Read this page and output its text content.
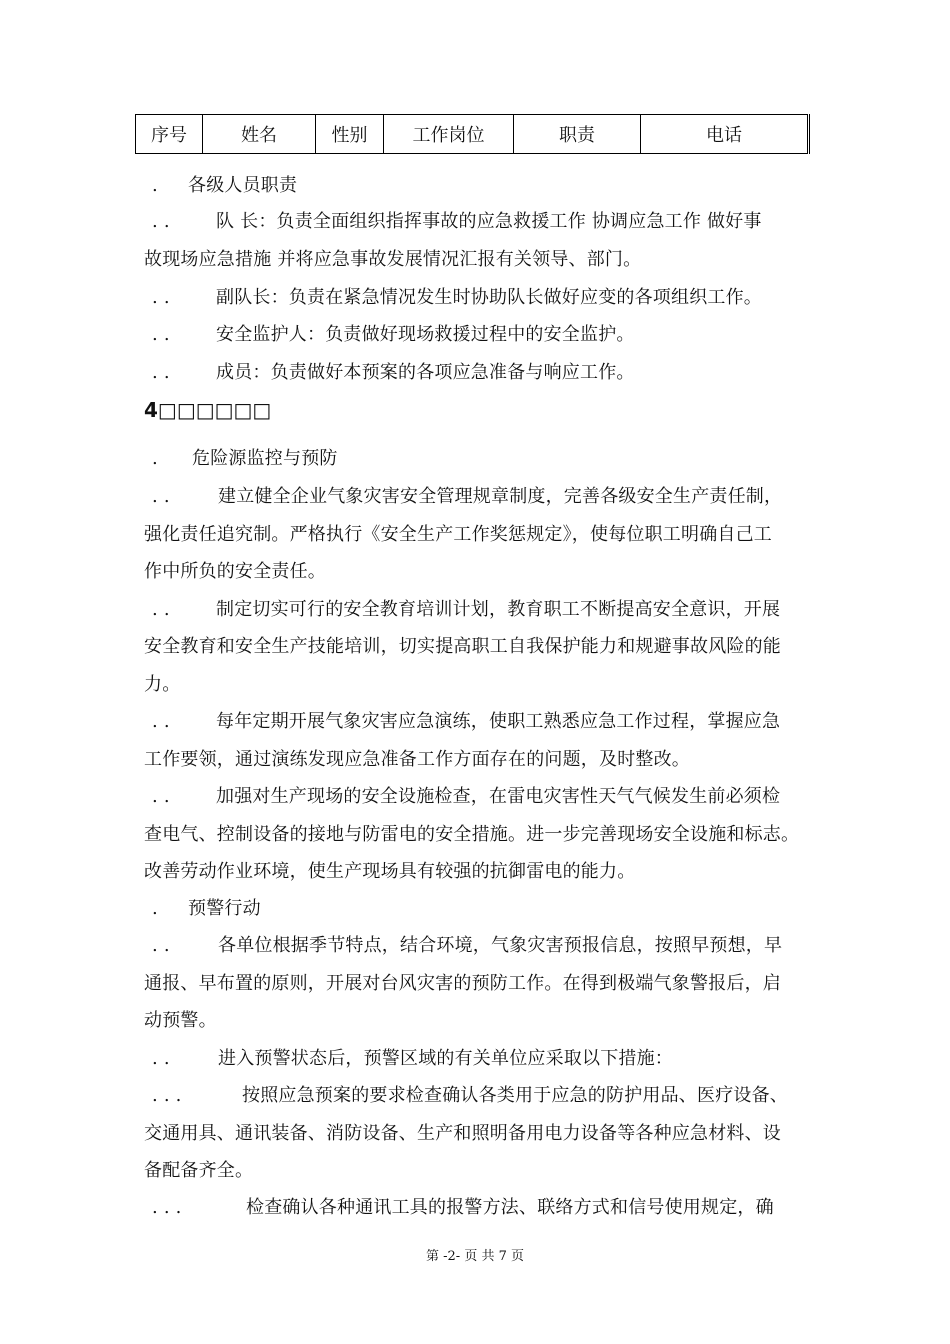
序号	姓名	性别	工作岗位	职责	电话
. 各级人员职责
. .	队 长：负责全面组织指挥事故的应急救援工作 协调应急工作 做好事
故现场应急措施 并将应急事故发展情况汇报有关领导、部门。
. .	副队长：负责在紧急情况发生时协助队长做好应变的各项组织工作。
. .	安全监护人：负责做好现场救援过程中的安全监护。
. .	成员：负责做好本预案的各项应急准备与响应工作。
4□□□□□□
. 危险源监控与预防
. .	建立健全企业气象灾害安全管理规章制度，完善各级安全生产责任制，
强化责任追究制。严格执行《安全生产工作奖惩规定》，使每位职工明确自己工
作中所负的安全责任。
. .	制定切实可行的安全教育培训计划，教育职工不断提高安全意识，开展
安全教育和安全生产技能培训，切实提高职工自我保护能力和规避事故风险的能
力。
. .	每年定期开展气象灾害应急演练，使职工熟悉应急工作过程，掌握应急
工作要领，通过演练发现应急准备工作方面存在的问题，及时整改。
. .	加强对生产现场的安全设施检查，在雷电灾害性天气气候发生前必须检
查电气、控制设备的接地与防雷电的安全措施。进一步完善现场安全设施和标志。
改善劳动作业环境，使生产现场具有较强的抗御雷电的能力。
. 预警行动
. .	各单位根据季节特点，结合环境，气象灾害预报信息，按照早预想，早
通报、早布置的原则，开展对台风灾害的预防工作。在得到极端气象警报后，启
动预警。
. .	进入预警状态后，预警区域的有关单位应采取以下措施：
. . .	按照应急预案的要求检查确认各类用于应急的防护用品、医疗设备、
交通用具、通讯装备、消防设备、生产和照明备用电力设备等各种应急材料、设
备配备齐全。
. . .	检查确认各种通讯工具的报警方法、联络方式和信号使用规定，确
第 -2- 页 共 7 页
